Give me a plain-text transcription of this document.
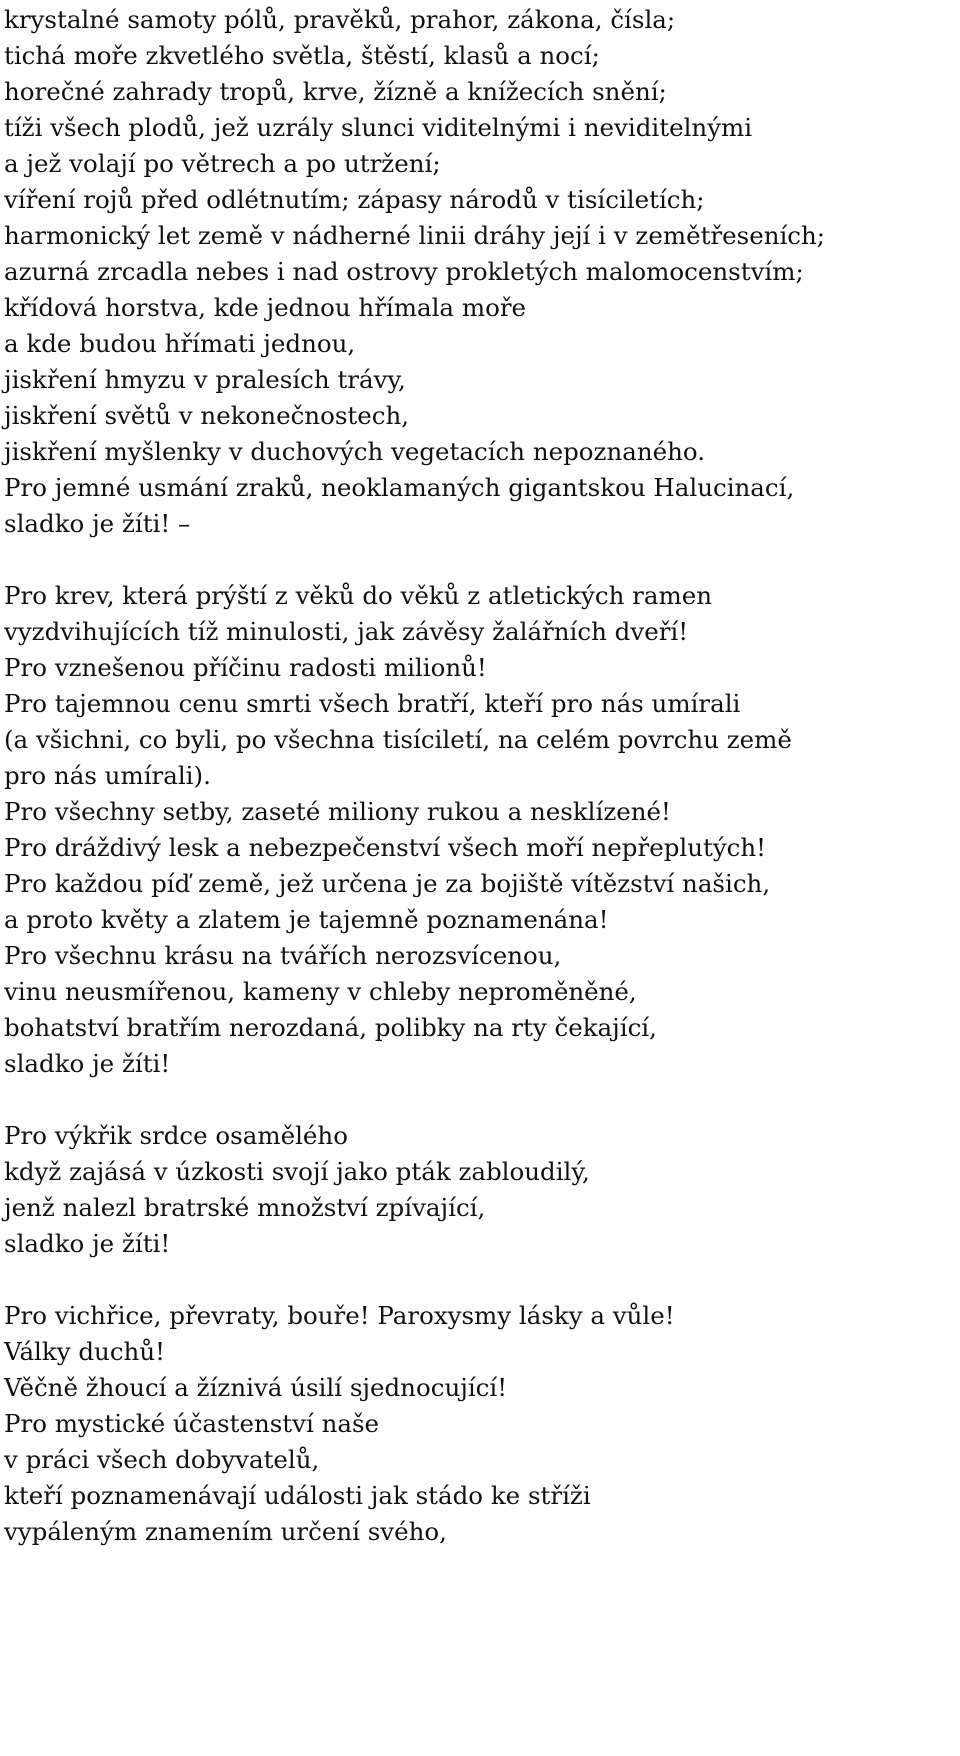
krystalné samoty pólů, pravěků, prahor, zákona, čísla;
tichá moře zkvetlého světla, štěstí, klasů a nocí;
horečné zahrady tropů, krve, žízně a knížecích snění;
tíži všech plodů, jež uzrály slunci viditelnými i neviditelnými
a jež volají po větrech a po utržení;
víření rojů před odlétnutím; zápasy národů v tisíciletích;
harmonický let země v nádherné linii dráhy její i v zemětřeseních;
azurná zrcadla nebes i nad ostrovy prokletých malomocenstvím;
křídová horstva, kde jednou hřímala moře
a kde budou hřímati jednou,
jiskření hmyzu v pralesích trávy,
jiskření světů v nekonečnostech,
jiskření myšlenky v duchových vegetacích nepoznaného.
Pro jemné usmání zraků, neoklamaných gigantskou Halucinací,
sladko je žíti! –
Pro krev, která prýští z věků do věků z atletických ramen
vyzdvihujících tíž minulosti, jak závěsy žalářních dveří!
Pro vznešenou příčinu radosti milionů!
Pro tajemnou cenu smrti všech bratří, kteří pro nás umírali
(a všichni, co byli, po všechna tisíciletí, na celém povrchu země
pro nás umírali).
Pro všechny setby, zaseté miliony rukou a nesklízené!
Pro dráždivý lesk a nebezpečenství všech moří nepřeplutých!
Pro každou píď země, jež určena je za bojiště vítězství našich,
a proto květy a zlatem je tajemně poznamenána!
Pro všechnu krásu na tvářích nerozsvícenou,
vinu neusmířenou, kameny v chleby neproměněné,
bohatství bratřím nerozdaná, polibky na rty čekající,
sladko je žíti!
Pro výkřik srdce osamělého
když zajásá v úzkosti svojí jako pták zabloudilý,
jenž nalezl bratrské množství zpívající,
sladko je žíti!
Pro vichřice, převraty, bouře! Paroxysmy lásky a vůle!
Války duchů!
Věčně žhoucí a žíznivá úsilí sjednocující!
Pro mystické účastenství naše
v práci všech dobyvatelů,
kteří poznamenávají události jak stádo ke stříži
vypáleným znamením určení svého,
